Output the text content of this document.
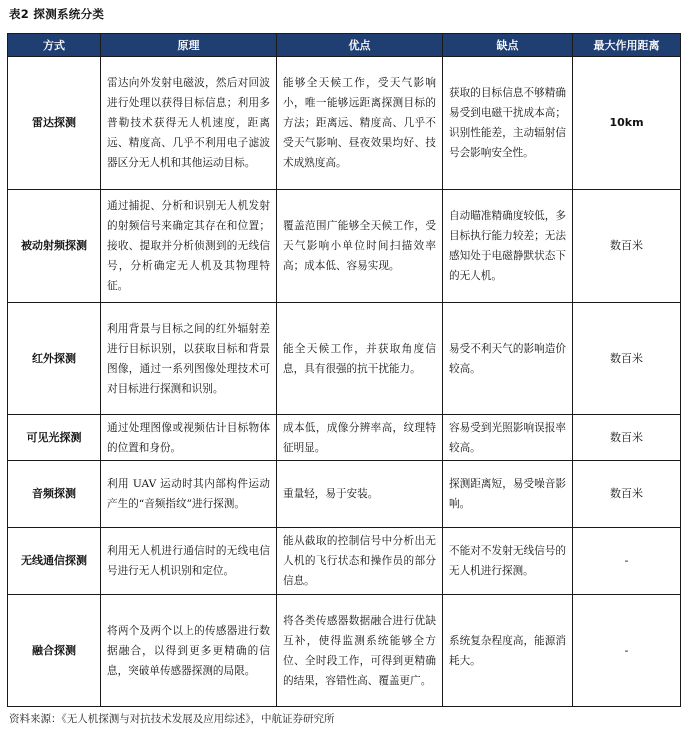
表2 探测系统分类
方式	原理	优点	缺点	最大作用距离
雷达探测	雷达向外发射电磁波，然后对回波进行处理以获得目标信息；利用多普勒技术获得无人机速度，距离远、精度高、几乎不利用电子滤波器区分无人机和其他运动目标。	能够全天候工作，受天气影响小，唯一能够远距离探测目标的方法；距离远、精度高、几乎不受天气影响、昼夜效果均好、技术成熟度高。	获取的目标信息不够精确易受到电磁干扰成本高；识别性能差，主动辐射信号会影响安全性。	10km
被动射频探测	通过捕捉、分析和识别无人机发射的射频信号来确定其存在和位置；接收、提取并分析侦测到的无线信号，分析确定无人机及其物理特征。	覆盖范围广能够全天候工作，受天气影响小单位时间扫描效率高；成本低、容易实现。	自动瞄准精确度较低，多目标执行能力较差；无法感知处于电磁静默状态下的无人机。	数百米
红外探测	利用背景与目标之间的红外辐射差进行目标识别，以获取目标和背景图像，通过一系列图像处理技术可对目标进行探测和识别。	能全天候工作，并获取角度信息，具有很强的抗干扰能力。	易受不利天气的影响造价较高。	数百米
可见光探测	通过处理图像或视频估计目标物体的位置和身份。	成本低，成像分辨率高，纹理特征明显。	容易受到光照影响误报率较高。	数百米
音频探测	利用 UAV 运动时其内部构件运动产生的“音频指纹”进行探测。	重量轻，易于安装。	探测距离短，易受噪音影响。	数百米
无线通信探测	利用无人机进行通信时的无线电信号进行无人机识别和定位。	能从截取的控制信号中分析出无人机的飞行状态和操作员的部分信息。	不能对不发射无线信号的无人机进行探测。	-
融合探测	将两个及两个以上的传感器进行数据融合，以得到更多更精确的信息，突破单传感器探测的局限。	将各类传感器数据融合进行优缺互补，使得监测系统能够全方位、全时段工作，可得到更精确的结果，容错性高、覆盖更广。	系统复杂程度高，能源消耗大。	-
资料来源：《无人机探测与对抗技术发展及应用综述》，中航证券研究所
